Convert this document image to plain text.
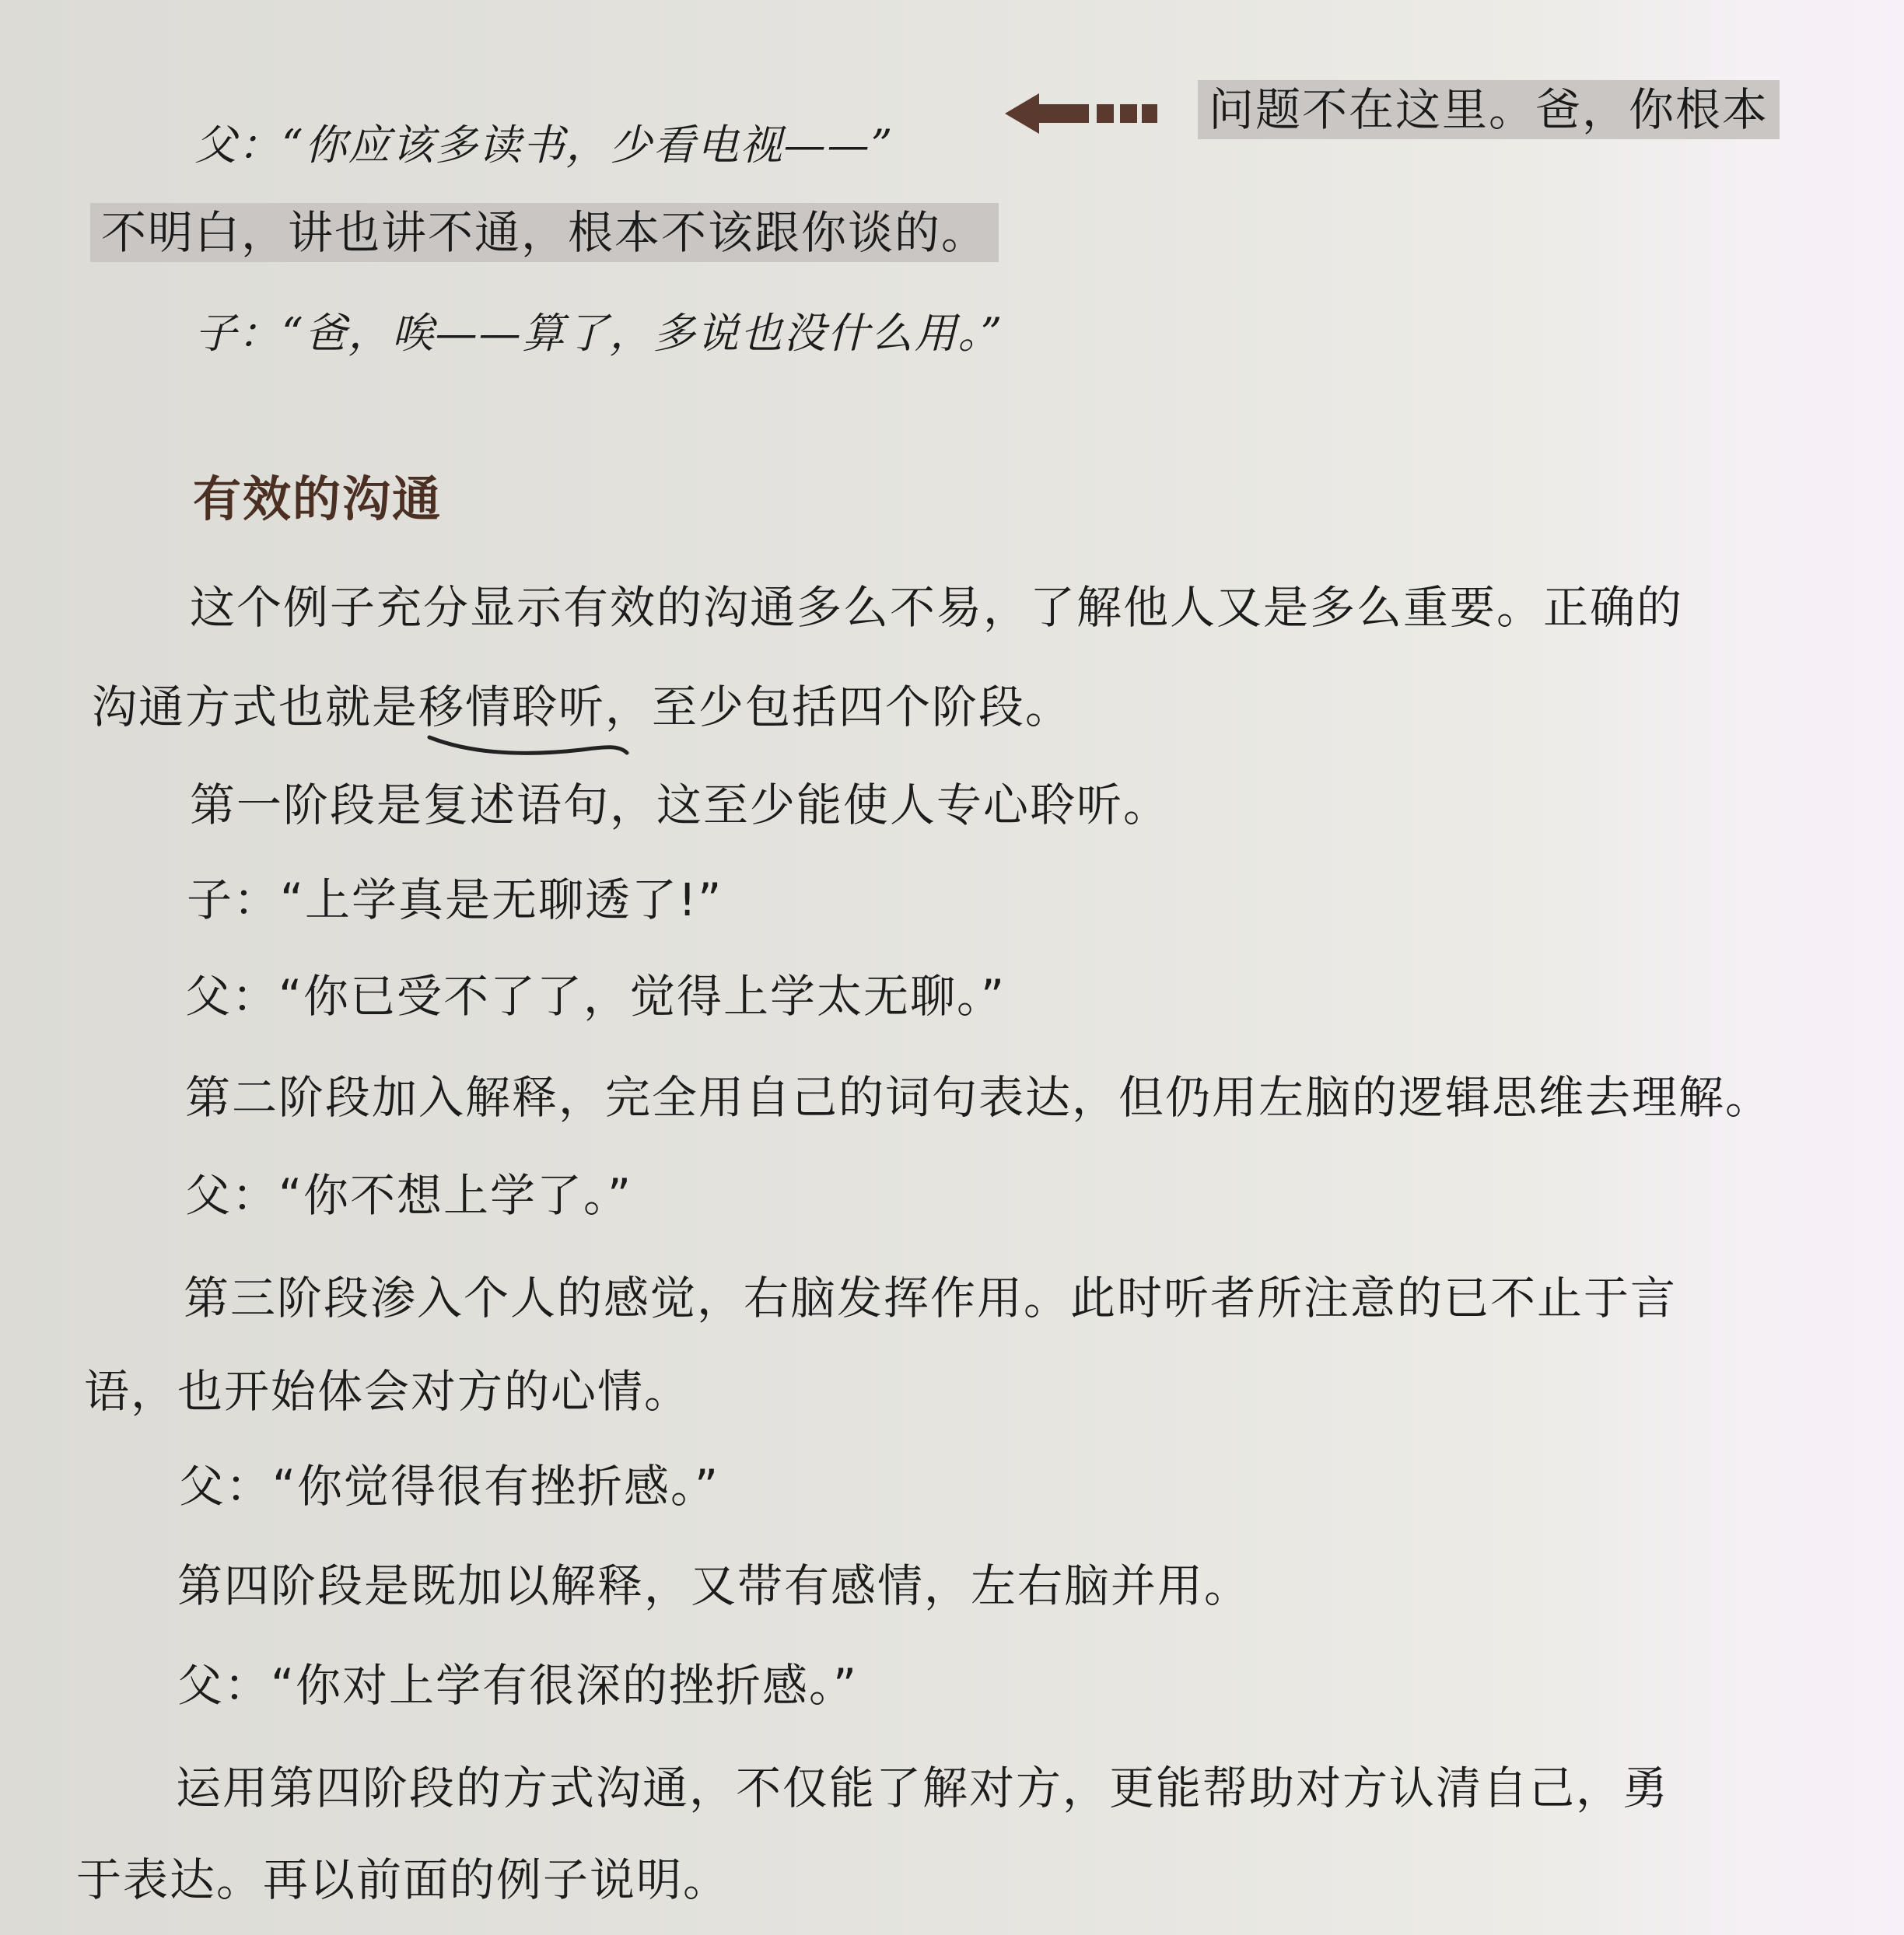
父：“你应该多读书，少看电视——”
问题不在这里。爸，你根本
不明白，讲也讲不通，根本不该跟你谈的。
子：“爸，唉——算了，多说也没什么用。”
有效的沟通
这个例子充分显示有效的沟通多么不易，了解他人又是多么重要。正确的
沟通方式也就是移情聆听，至少包括四个阶段。
第一阶段是复述语句，这至少能使人专心聆听。
子：“上学真是无聊透了!”
父：“你已受不了了，觉得上学太无聊。”
第二阶段加入解释，完全用自己的词句表达，但仍用左脑的逻辑思维去理解。
父：“你不想上学了。”
第三阶段渗入个人的感觉，右脑发挥作用。此时听者所注意的已不止于言
语，也开始体会对方的心情。
父：“你觉得很有挫折感。”
第四阶段是既加以解释，又带有感情，左右脑并用。
父：“你对上学有很深的挫折感。”
运用第四阶段的方式沟通，不仅能了解对方，更能帮助对方认清自己，勇
于表达。再以前面的例子说明。
